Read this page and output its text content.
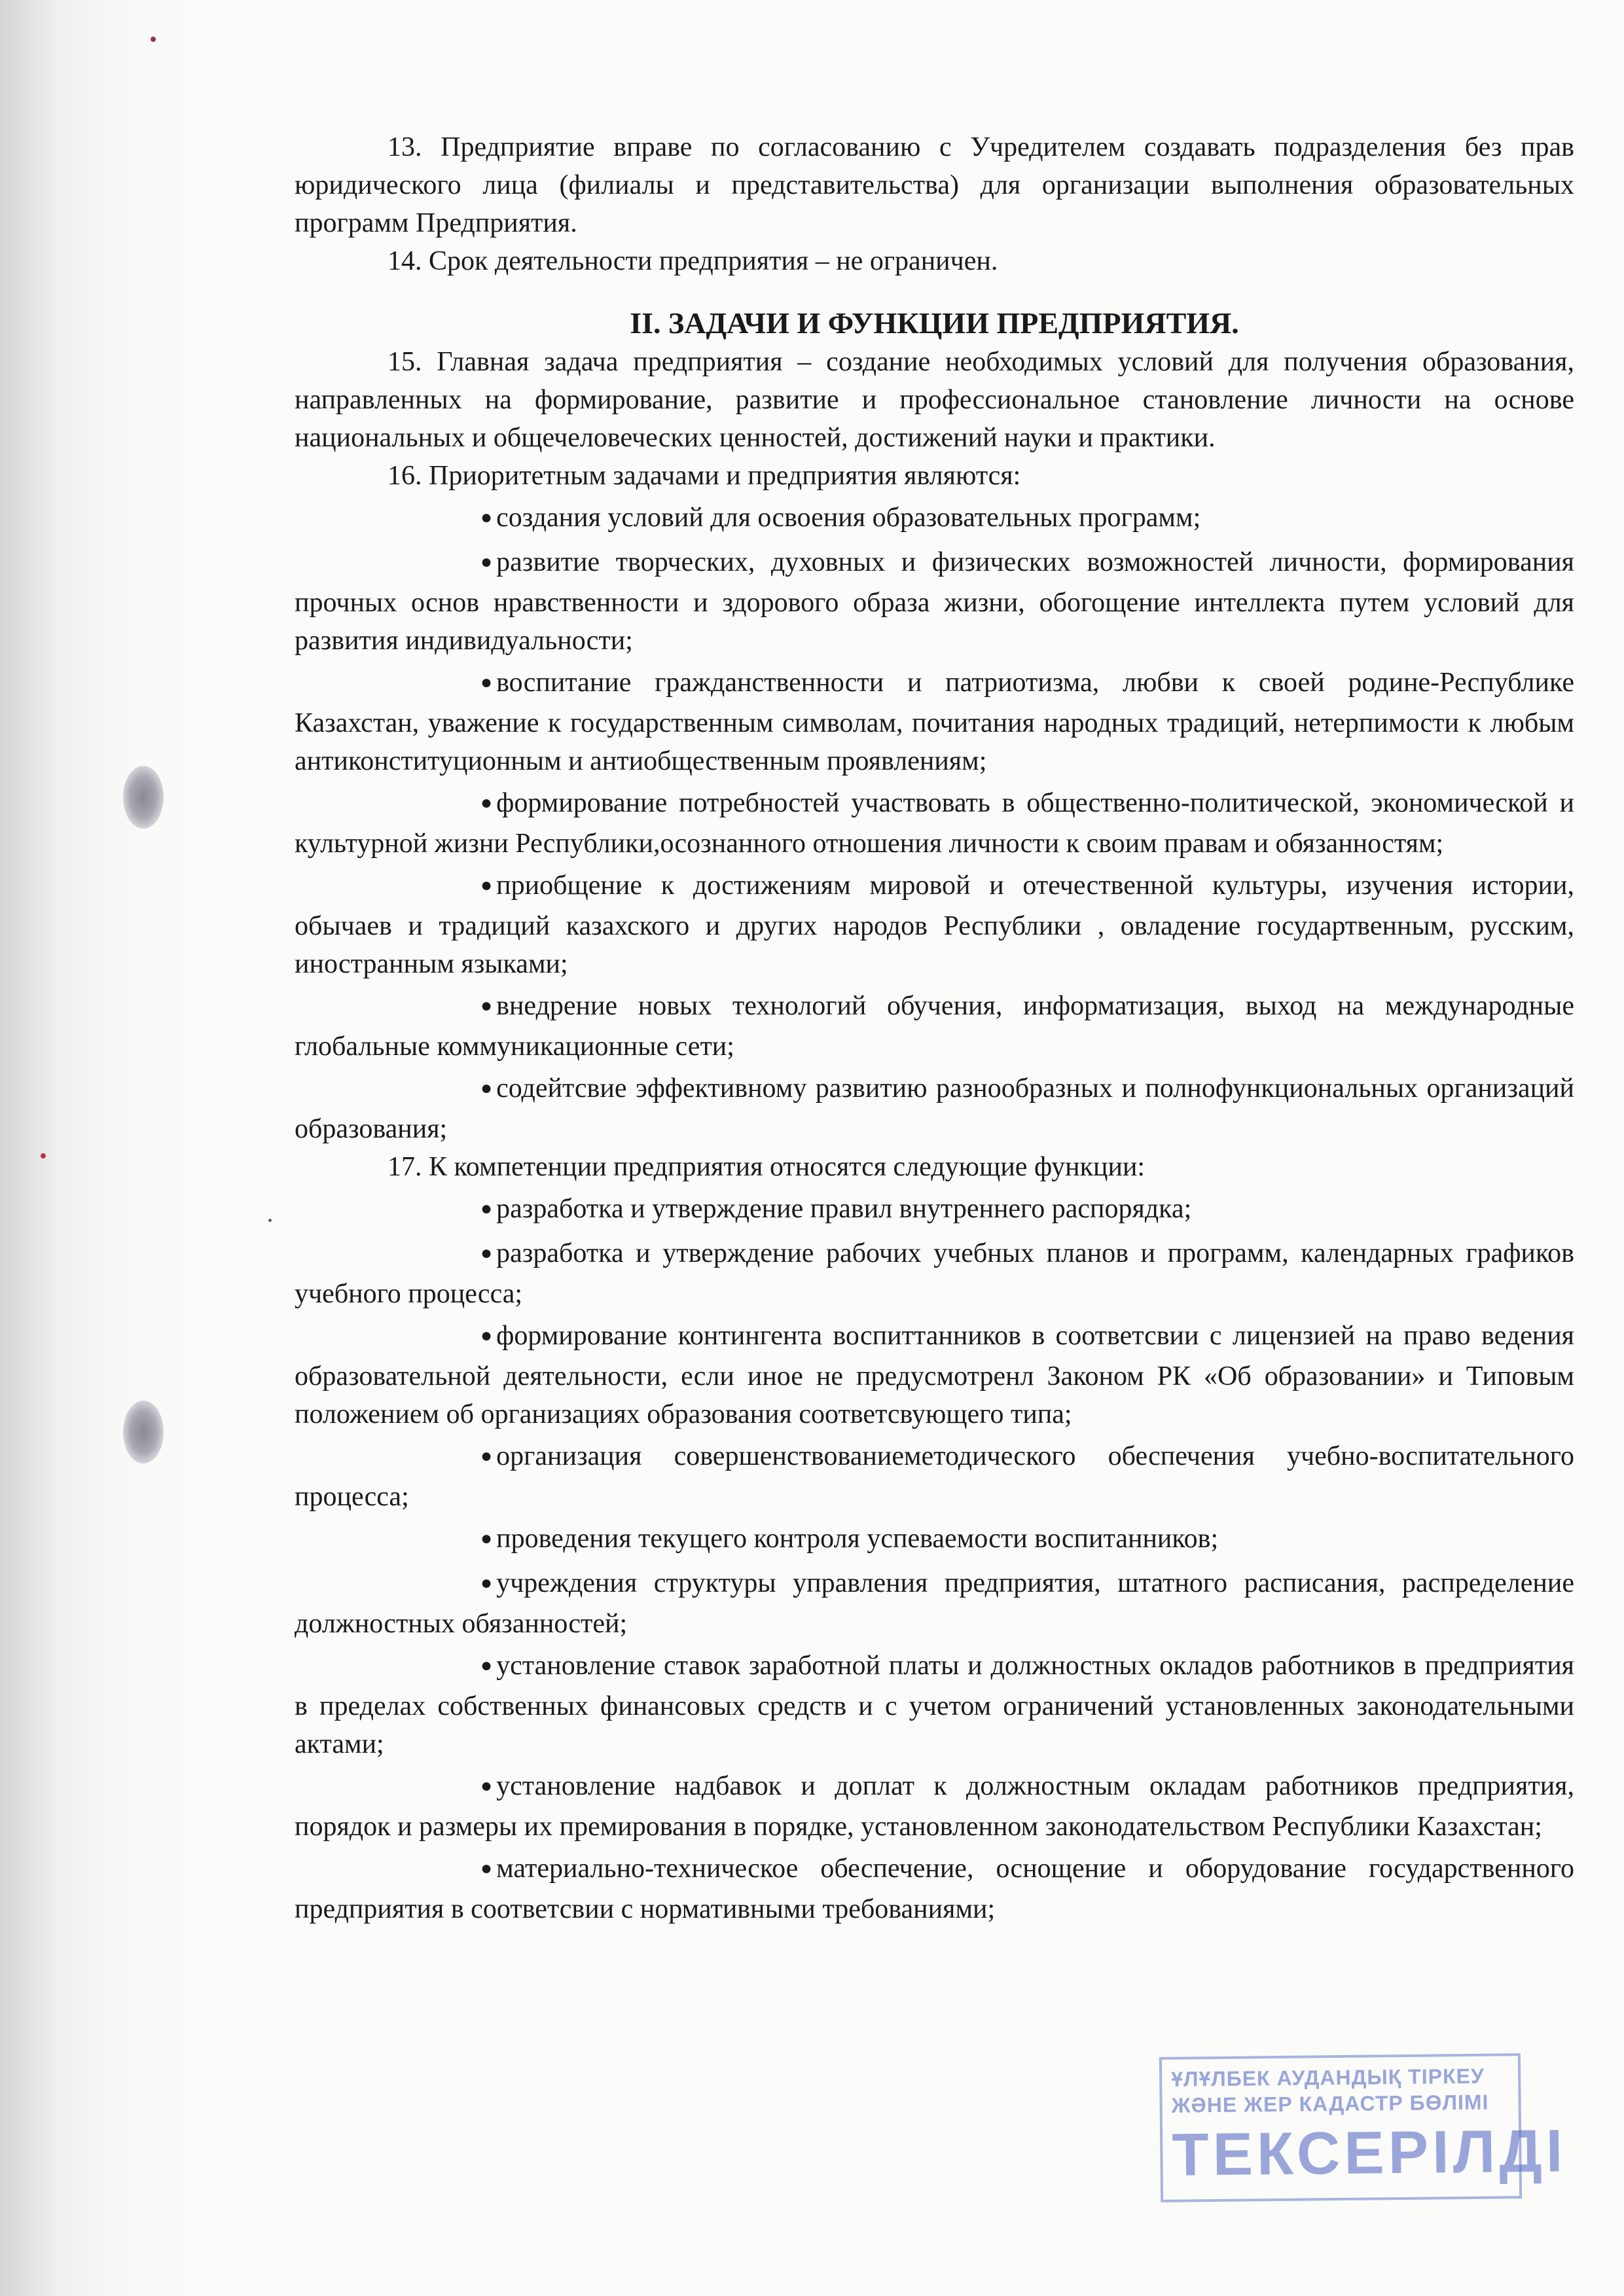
13. Предприятие вправе по согласованию с Учредителем создавать подразделения без прав юридического лица (филиалы и представительства) для организации выполнения образовательных программ Предприятия.

14. Срок деятельности предприятия – не ограничен.

II. ЗАДАЧИ И ФУНКЦИИ ПРЕДПРИЯТИЯ.

15. Главная задача предприятия – создание необходимых условий для получения образования, направленных на формирование, развитие и профессиональное становление личности на основе национальных и общечеловеческих ценностей, достижений науки и практики.

16. Приоритетным задачами и предприятия являются:

● создания условий для освоения образовательных программ;

● развитие творческих, духовных и физических возможностей личности, формирования прочных основ нравственности и здорового образа жизни, обогощение интеллекта путем условий для развития индивидуальности;

● воспитание гражданственности и патриотизма, любви к своей родине-Республике Казахстан, уважение к государственным символам, почитания народных традиций, нетерпимости к любым антиконституционным и антиобщественным проявлениям;

● формирование потребностей участвовать в общественно-политической, экономической и культурной жизни Республики,осознанного отношения личности к своим правам и обязанностям;

● приобщение к достижениям мировой и отечественной культуры, изучения истории, обычаев и традиций казахского и других народов Республики , овладение государтвенным, русским, иностранным языками;

● внедрение новых технологий обучения, информатизация, выход на международные глобальные коммуникационные сети;

● содейтсвие эффективному развитию разнообразных и полнофункциональных организаций образования;

17. К компетенции предприятия относятся следующие функции:

● разработка и утверждение правил внутреннего распорядка;

● разработка и утверждение рабочих учебных планов и программ, календарных графиков учебного процесса;

● формирование контингента воспиттанников в соответсвии с лицензией на право ведения образовательной деятельности, если иное не предусмотренл Законом РК «Об образовании» и Типовым положением об организациях образования соответсвующего типа;

● организация совершенствованиеметодического обеспечения учебно-воспитательного процесса;

● проведения текущего контроля успеваемости воспитанников;

● учреждения структуры управления предприятия, штатного расписания, распределение должностных обязанностей;

● установление ставок заработной платы и должностных окладов работников в предприятия в пределах собственных финансовых средств и с учетом ограничений установленных законодательными актами;

● установление надбавок и доплат к должностным окладам работников предприятия, порядок и размеры их премирования в порядке, установленном законодательством Республики Казахстан;

● материально-техническое обеспечение, оснощение и оборудование государственного предприятия в соответсвии с нормативными требованиями;

ҰЛҰЛБЕК АУДАНДЫҚ ТІРКЕУ
ЖӘНЕ ЖЕР КАДАСТР БӨЛІМІ
ТЕКСЕРІЛДІ
